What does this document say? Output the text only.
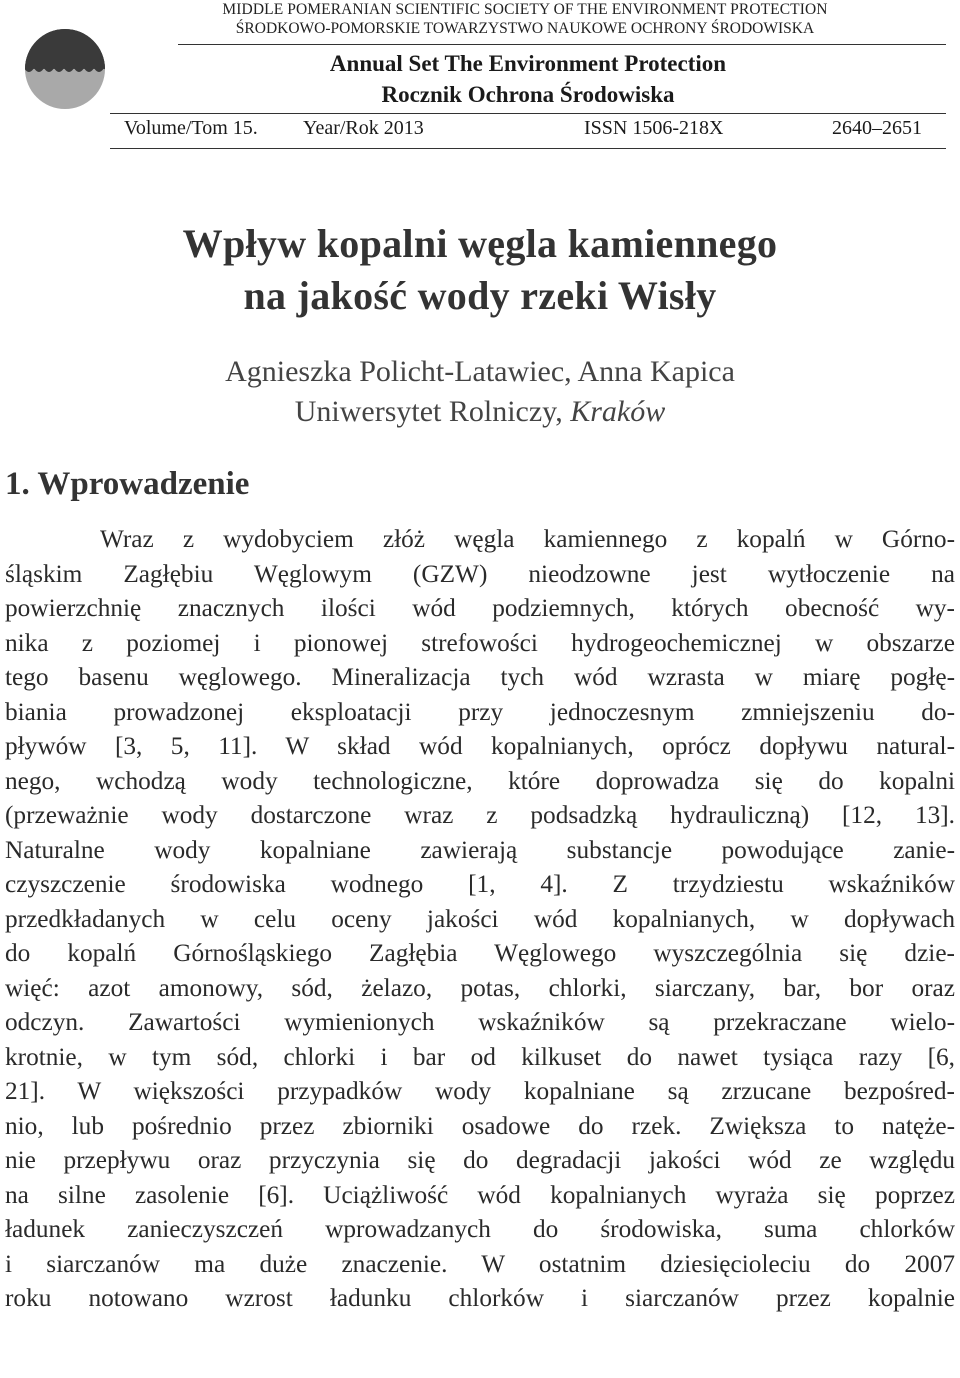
MIDDLE POMERANIAN SCIENTIFIC SOCIETY OF THE ENVIRONMENT PROTECTION
ŚRODKOWO-POMORSKIE TOWARZYSTWO NAUKOWE OCHRONY ŚRODOWISKA
Annual Set The Environment Protection
Rocznik Ochrona Środowiska
Volume/Tom 15. Year/Rok 2013	ISSN 1506-218X	2640–2651
Wpływ kopalni węgla kamiennego
na jakość wody rzeki Wisły
Agnieszka Policht-Latawiec, Anna Kapica
Uniwersytet Rolniczy, Kraków
1. Wprowadzenie
Wraz z wydobyciem złóż węgla kamiennego z kopalń w Górno-
śląskim Zagłębiu Węglowym (GZW) nieodzowne jest wytłoczenie na
powierzchnię znacznych ilości wód podziemnych, których obecność wy-
nika z poziomej i pionowej strefowości hydrogeochemicznej w obszarze
tego basenu węglowego. Mineralizacja tych wód wzrasta w miarę pogłę-
biania prowadzonej eksploatacji przy jednoczesnym zmniejszeniu do-
pływów [3, 5, 11]. W skład wód kopalnianych, oprócz dopływu natural-
nego, wchodzą wody technologiczne, które doprowadza się do kopalni
(przeważnie wody dostarczone wraz z podsadzką hydrauliczną) [12, 13].
Naturalne wody kopalniane zawierają substancje powodujące zanie-
czyszczenie środowiska wodnego [1, 4]. Z trzydziestu wskaźników
przedkładanych w celu oceny jakości wód kopalnianych, w dopływach
do kopalń Górnośląskiego Zagłębia Węglowego wyszczególnia się dzie-
więć: azot amonowy, sód, żelazo, potas, chlorki, siarczany, bar, bor oraz
odczyn. Zawartości wymienionych wskaźników są przekraczane wielo-
krotnie, w tym sód, chlorki i bar od kilkuset do nawet tysiąca razy [6,
21]. W większości przypadków wody kopalniane są zrzucane bezpośred-
nio, lub pośrednio przez zbiorniki osadowe do rzek. Zwiększa to natęże-
nie przepływu oraz przyczynia się do degradacji jakości wód ze względu
na silne zasolenie [6]. Uciążliwość wód kopalnianych wyraża się poprzez
ładunek zanieczyszczeń wprowadzanych do środowiska, suma chlorków
i siarczanów ma duże znaczenie. W ostatnim dziesięcioleciu do 2007
roku notowano wzrost ładunku chlorków i siarczanów przez kopalnie
